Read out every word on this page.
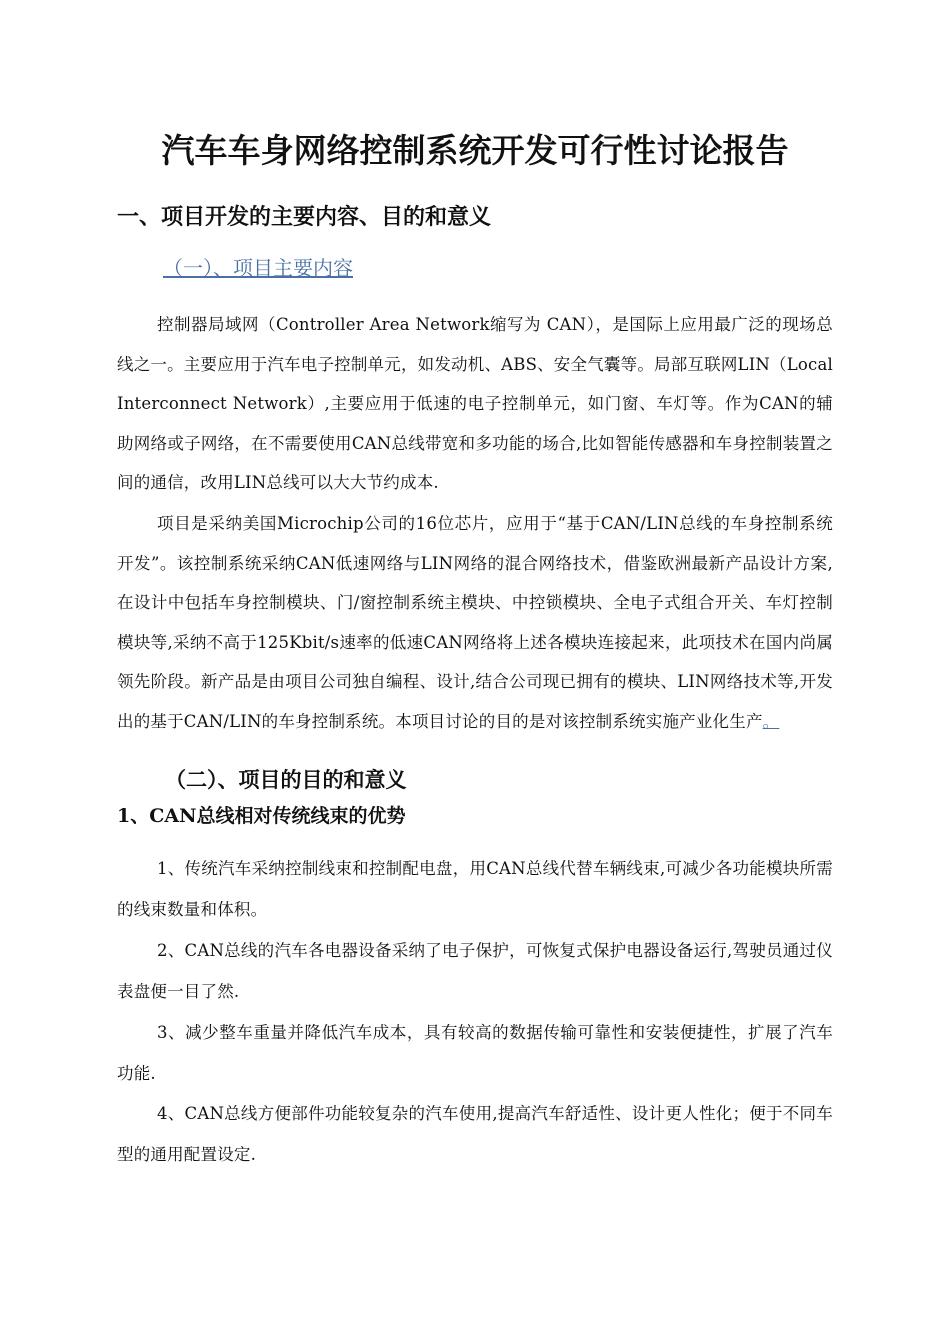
汽车车身网络控制系统开发可行性讨论报告
一、项目开发的主要内容、目的和意义
（一）、项目主要内容

控制器局域网（Controller Area Network缩写为 CAN），是国际上应用最广泛的现场总线之一。主要应用于汽车电子控制单元，如发动机、ABS、安全气囊等。局部互联网LIN（Local Interconnect Network）,主要应用于低速的电子控制单元，如门窗、车灯等。作为CAN的辅助网络或子网络，在不需要使用CAN总线带宽和多功能的场合,比如智能传感器和车身控制装置之间的通信，改用LIN总线可以大大节约成本.

项目是采纳美国Microchip公司的16位芯片，应用于“基于CAN/LIN总线的车身控制系统开发”。该控制系统采纳CAN低速网络与LIN网络的混合网络技术，借鉴欧洲最新产品设计方案,在设计中包括车身控制模块、门/窗控制系统主模块、中控锁模块、全电子式组合开关、车灯控制模块等,采纳不高于125Kbit/s速率的低速CAN网络将上述各模块连接起来，此项技术在国内尚属领先阶段。新产品是由项目公司独自编程、设计,结合公司现已拥有的模块、LIN网络技术等,开发出的基于CAN/LIN的车身控制系统。本项目讨论的目的是对该控制系统实施产业化生产。

（二）、项目的目的和意义
1、CAN总线相对传统线束的优势

1、传统汽车采纳控制线束和控制配电盘，用CAN总线代替车辆线束,可减少各功能模块所需的线束数量和体积。

2、CAN总线的汽车各电器设备采纳了电子保护，可恢复式保护电器设备运行,驾驶员通过仪表盘便一目了然.

3、减少整车重量并降低汽车成本，具有较高的数据传输可靠性和安装便捷性，扩展了汽车功能.

4、CAN总线方便部件功能较复杂的汽车使用,提高汽车舒适性、设计更人性化；便于不同车型的通用配置设定.
